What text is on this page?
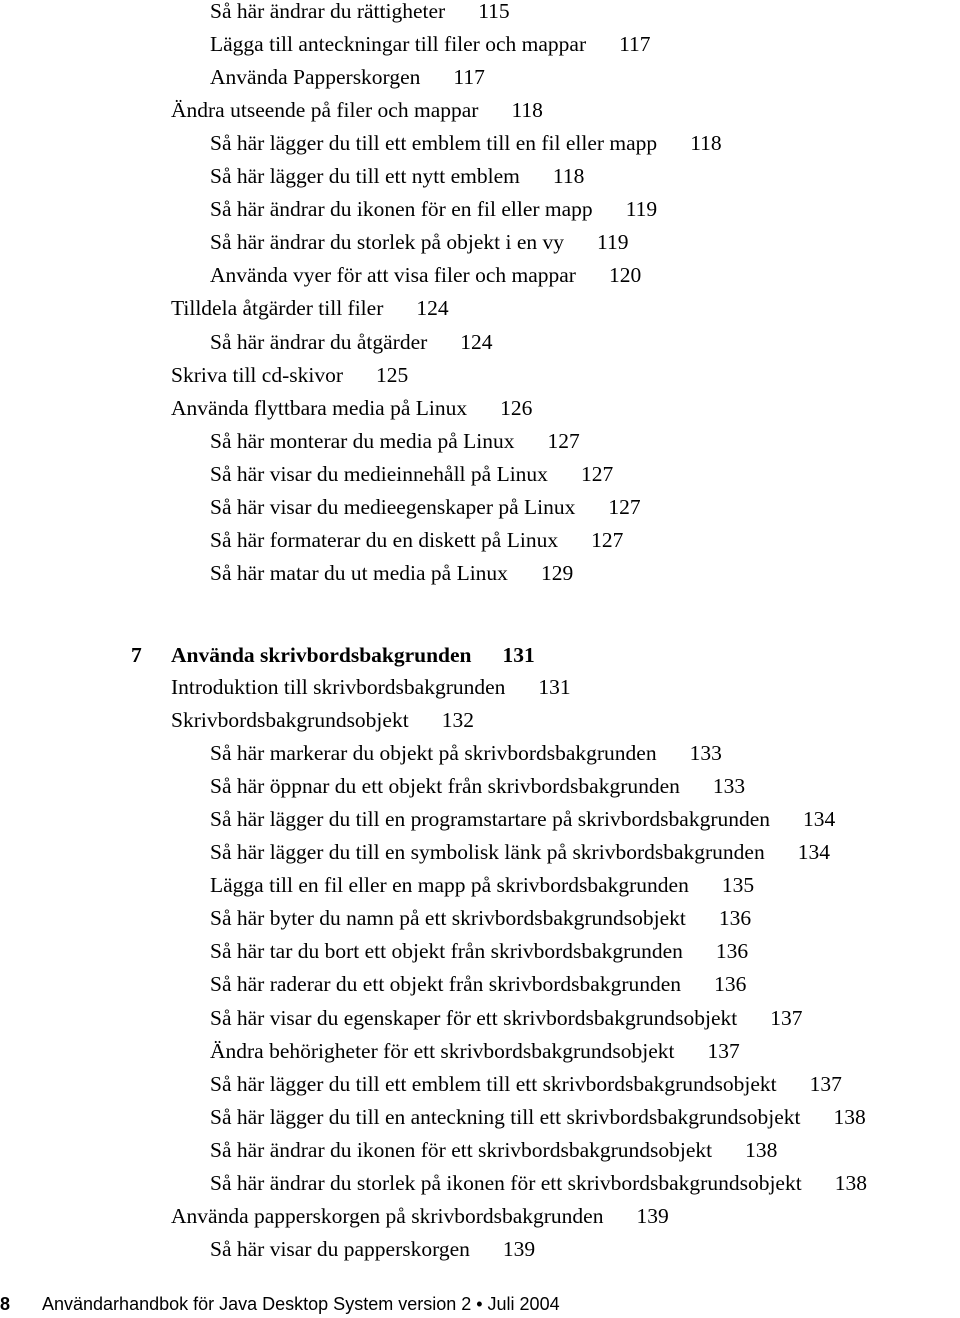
Så här ändrar du rättigheter 115
Lägga till anteckningar till filer och mappar 117
Använda Papperskorgen 117
Ändra utseende på filer och mappar 118
Så här lägger du till ett emblem till en fil eller mapp 118
Så här lägger du till ett nytt emblem 118
Så här ändrar du ikonen för en fil eller mapp 119
Så här ändrar du storlek på objekt i en vy 119
Använda vyer för att visa filer och mappar 120
Tilldela åtgärder till filer 124
Så här ändrar du åtgärder 124
Skriva till cd-skivor 125
Använda flyttbara media på Linux 126
Så här monterar du media på Linux 127
Så här visar du medieinnehåll på Linux 127
Så här visar du medieegenskaper på Linux 127
Så här formaterar du en diskett på Linux 127
Så här matar du ut media på Linux 129
7 Använda skrivbordsbakgrunden 131
Introduktion till skrivbordsbakgrunden 131
Skrivbordsbakgrundsobjekt 132
Så här markerar du objekt på skrivbordsbakgrunden 133
Så här öppnar du ett objekt från skrivbordsbakgrunden 133
Så här lägger du till en programstartare på skrivbordsbakgrunden 134
Så här lägger du till en symbolisk länk på skrivbordsbakgrunden 134
Lägga till en fil eller en mapp på skrivbordsbakgrunden 135
Så här byter du namn på ett skrivbordsbakgrundsobjekt 136
Så här tar du bort ett objekt från skrivbordsbakgrunden 136
Så här raderar du ett objekt från skrivbordsbakgrunden 136
Så här visar du egenskaper för ett skrivbordsbakgrundsobjekt 137
Ändra behörigheter för ett skrivbordsbakgrundsobjekt 137
Så här lägger du till ett emblem till ett skrivbordsbakgrundsobjekt 137
Så här lägger du till en anteckning till ett skrivbordsbakgrundsobjekt 138
Så här ändrar du ikonen för ett skrivbordsbakgrundsobjekt 138
Så här ändrar du storlek på ikonen för ett skrivbordsbakgrundsobjekt 138
Använda papperskorgen på skrivbordsbakgrunden 139
Så här visar du papperskorgen 139
8 Användarhandbok för Java Desktop System version 2 • Juli 2004
